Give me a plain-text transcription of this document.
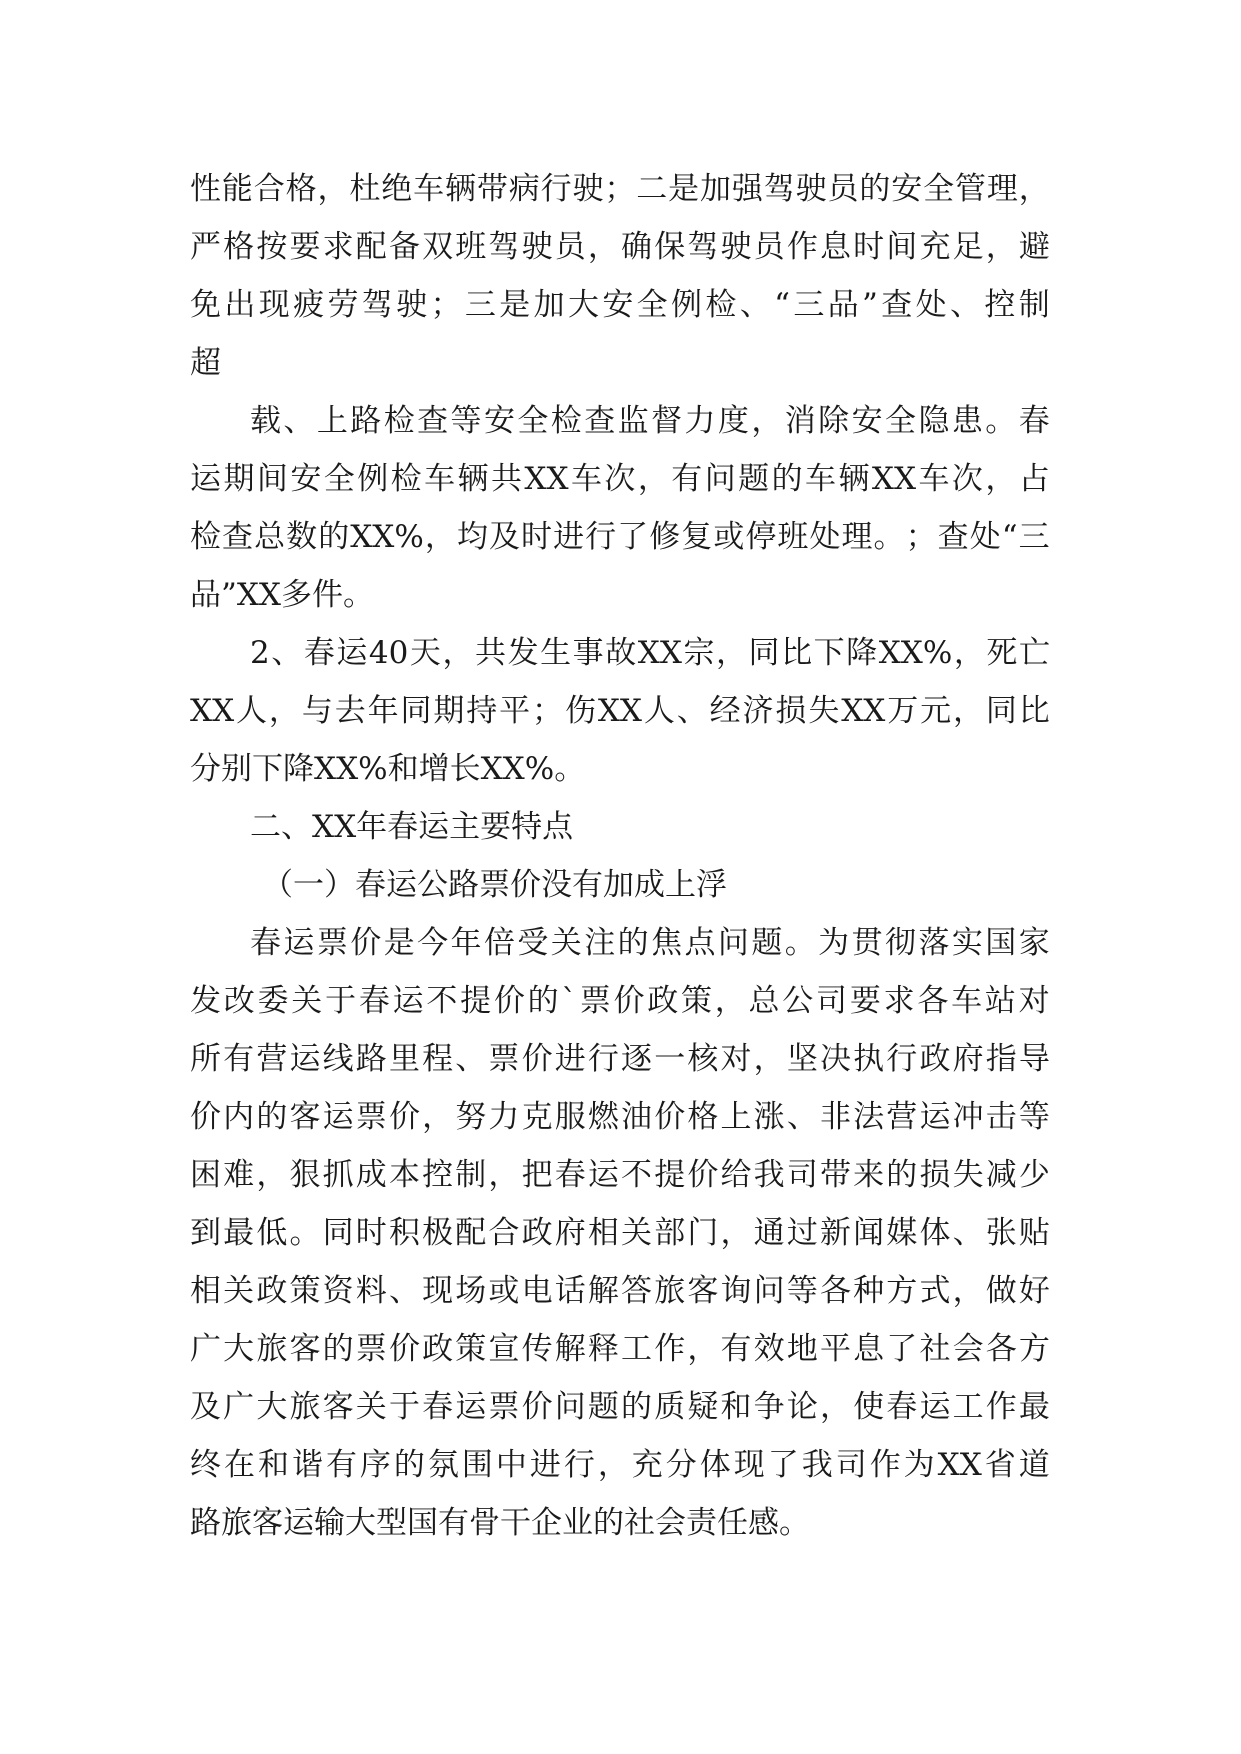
性 能 合 格 ， 杜 绝 车 辆 带 病 行 驶 ； 二 是 加 强 驾 驶 员 的 安 全 管 理 ，
严 格 按 要 求 配 备 双 班 驾 驶 员 ， 确 保 驾 驶 员 作 息 时 间 充 足 ， 避
免 出 现 疲 劳 驾 驶 ； 三 是 加 大 安 全 例 检 、 “ 三 品 ” 查 处 、 控 制
超
载 、 上 路 检 查 等 安 全 检 查 监 督 力 度 ， 消 除 安 全 隐 患 。 春
运 期 间 安 全 例 检 车 辆 共 XX 车 次 ， 有 问 题 的 车 辆 XX 车 次 ， 占
检 查 总 数 的 XX% ， 均 及 时 进 行 了 修 复 或 停 班 处 理 。 ； 查 处 “ 三
品”XX多件。
2 、 春 运 40 天 ， 共 发 生 事 故 XX 宗 ， 同 比 下 降 XX% ， 死 亡
XX 人 ， 与 去 年 同 期 持 平 ； 伤 XX 人 、 经 济 损 失 XX 万 元 ， 同 比
分别下降XX%和增长XX%。
二、XX年春运主要特点
（一）春运公路票价没有加成上浮
春 运 票 价 是 今 年 倍 受 关 注 的 焦 点 问 题 。 为 贯 彻 落 实 国 家
发 改 委 关 于 春 运 不 提 价 的 ` 票 价 政 策 ， 总 公 司 要 求 各 车 站 对
所 有 营 运 线 路 里 程 、 票 价 进 行 逐 一 核 对 ， 坚 决 执 行 政 府 指 导
价 内 的 客 运 票 价 ， 努 力 克 服 燃 油 价 格 上 涨 、 非 法 营 运 冲 击 等
困 难 ， 狠 抓 成 本 控 制 ， 把 春 运 不 提 价 给 我 司 带 来 的 损 失 减 少
到 最 低 。 同 时 积 极 配 合 政 府 相 关 部 门 ， 通 过 新 闻 媒 体 、 张 贴
相 关 政 策 资 料 、 现 场 或 电 话 解 答 旅 客 询 问 等 各 种 方 式 ， 做 好
广 大 旅 客 的 票 价 政 策 宣 传 解 释 工 作 ， 有 效 地 平 息 了 社 会 各 方
及 广 大 旅 客 关 于 春 运 票 价 问 题 的 质 疑 和 争 论 ， 使 春 运 工 作 最
终 在 和 谐 有 序 的 氛 围 中 进 行 ， 充 分 体 现 了 我 司 作 为 XX 省 道
路旅客运输大型国有骨干企业的社会责任感。
